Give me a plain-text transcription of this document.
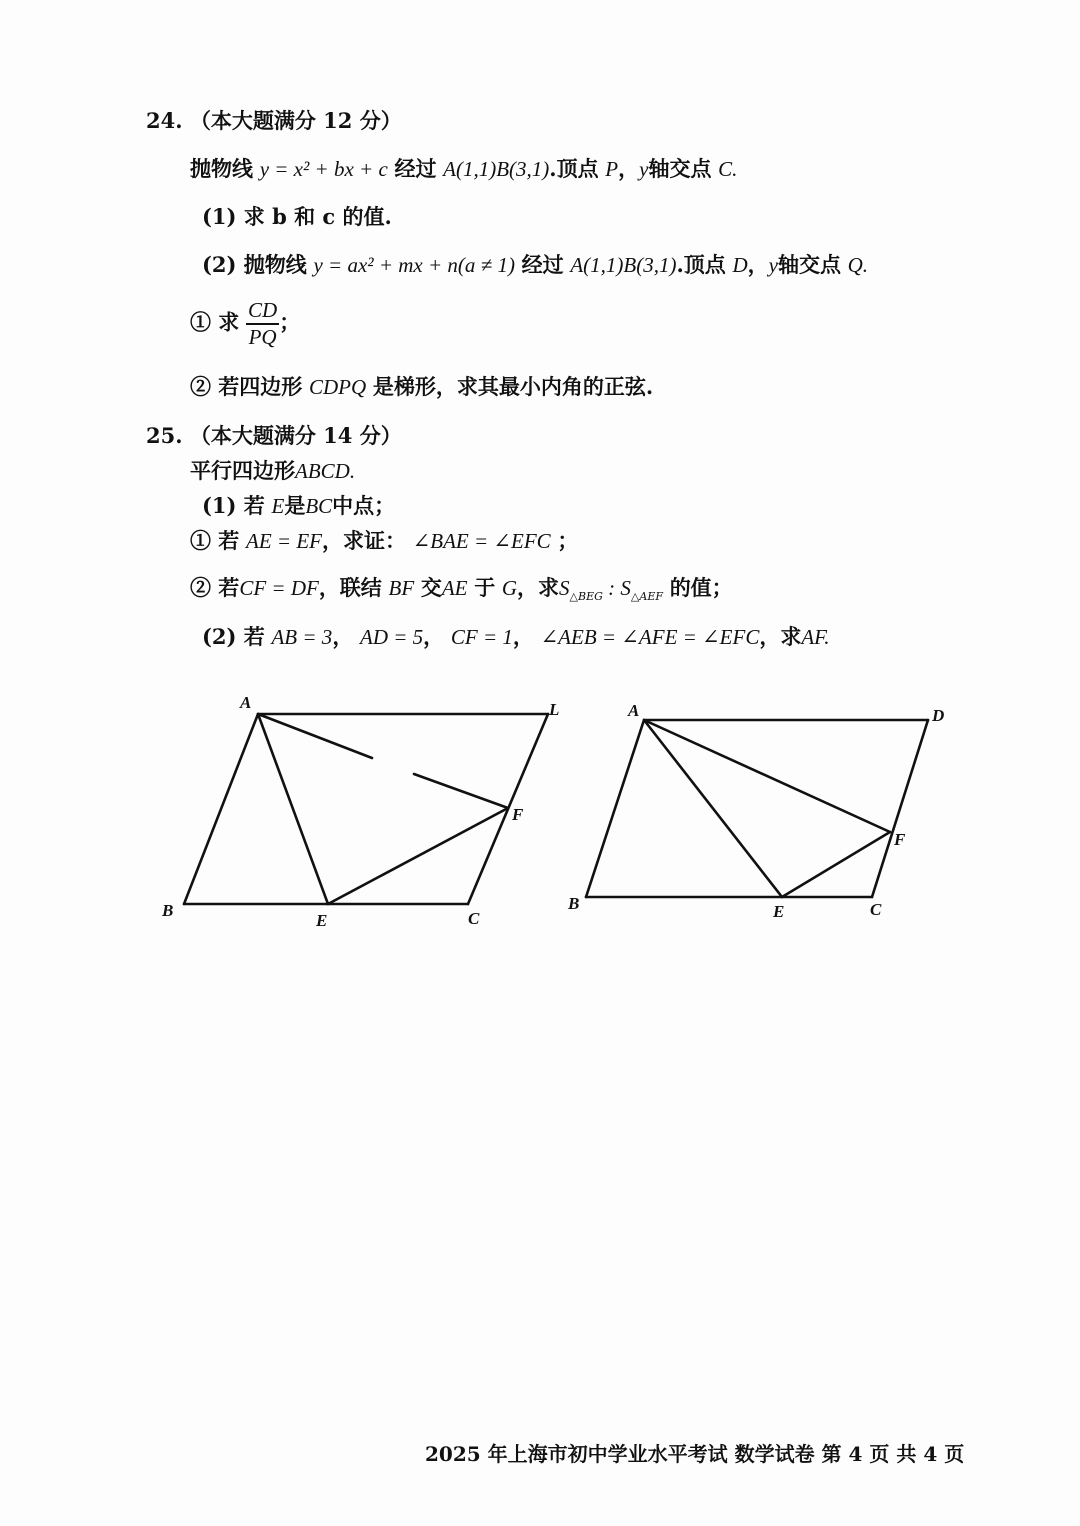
24. （本大题满分 12 分）
抛物线 y = x² + bx + c 经过 A(1,1)B(3,1).顶点 P，y轴交点 C.
(1) 求 b 和 c 的值.
(2) 抛物线 y = ax² + mx + n(a ≠ 1) 经过 A(1,1)B(3,1).顶点 D，y轴交点 Q.
① 求 $\frac{CD}{PQ}$ ；
② 若四边形 CDPQ 是梯形，求其最小内角的正弦.
25. （本大题满分 14 分）
平行四边形ABCD.
(1) 若 E是BC中点；
① 若 AE = EF，求证： ∠BAE = ∠EFC ；
② 若CF = DF，联结 BF 交AE 于 G，求$S_{\triangle BEG}$ : $S_{\triangle AEF}$ 的值；
(2) 若 AB = 3， AD = 5， CF = 1， ∠AEB = ∠AFE = ∠EFC，求AF.
A	L
F
B
E	C
A	D
F
B	E	C
2025 年上海市初中学业水平考试 数学试卷 第 4 页 共 4 页
